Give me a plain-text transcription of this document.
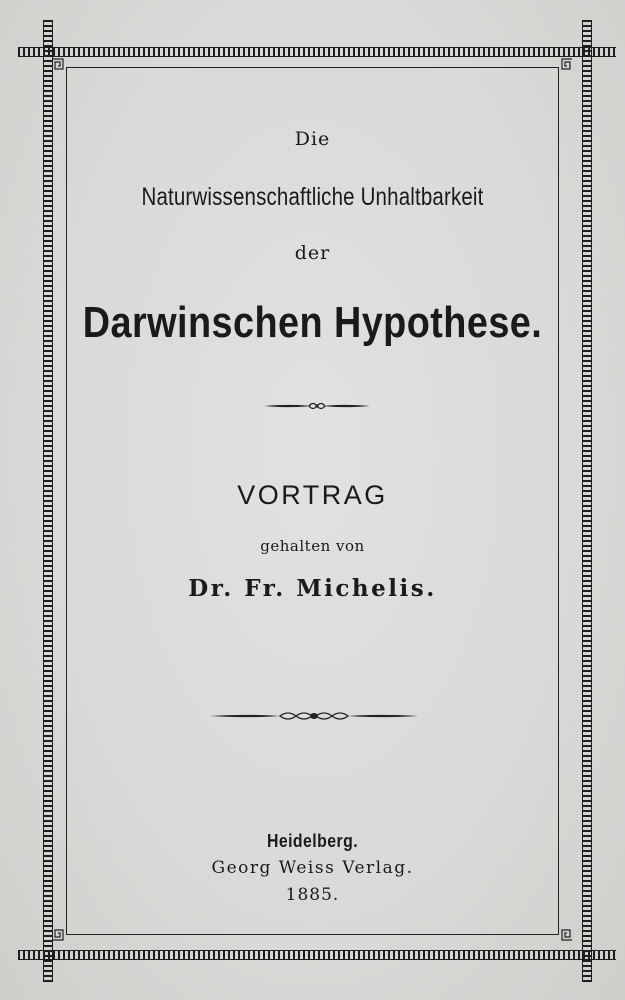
Die
Naturwissenschaftliche Unhaltbarkeit
der
Darwinschen Hypothese.
VORTRAG
gehalten von
Dr. Fr. Michelis.
Heidelberg.
Georg Weiss Verlag.
1885.
